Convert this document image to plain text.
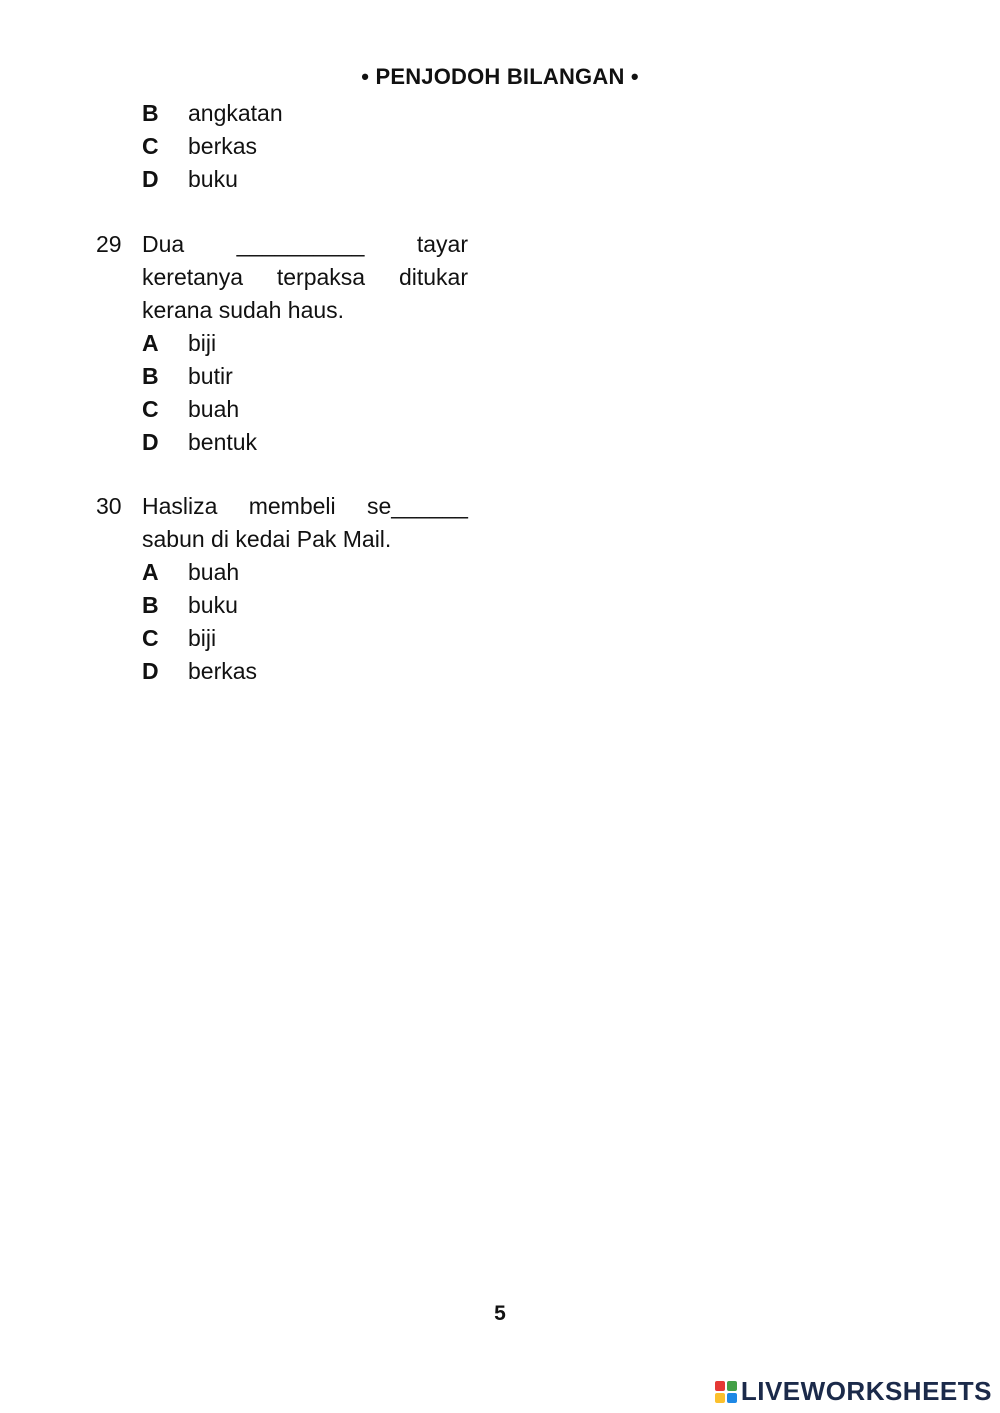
• PENJODOH BILANGAN •
B	angkatan
C	berkas
D	buku
29 Dua __________ tayar
keretanya terpaksa ditukar
kerana sudah haus.
A	biji
B	butir
C	buah
D	bentuk
30 Hasliza membeli se______
sabun di kedai Pak Mail.
A	buah
B	buku
C	biji
D	berkas
5
LIVEWORKSHEETS
